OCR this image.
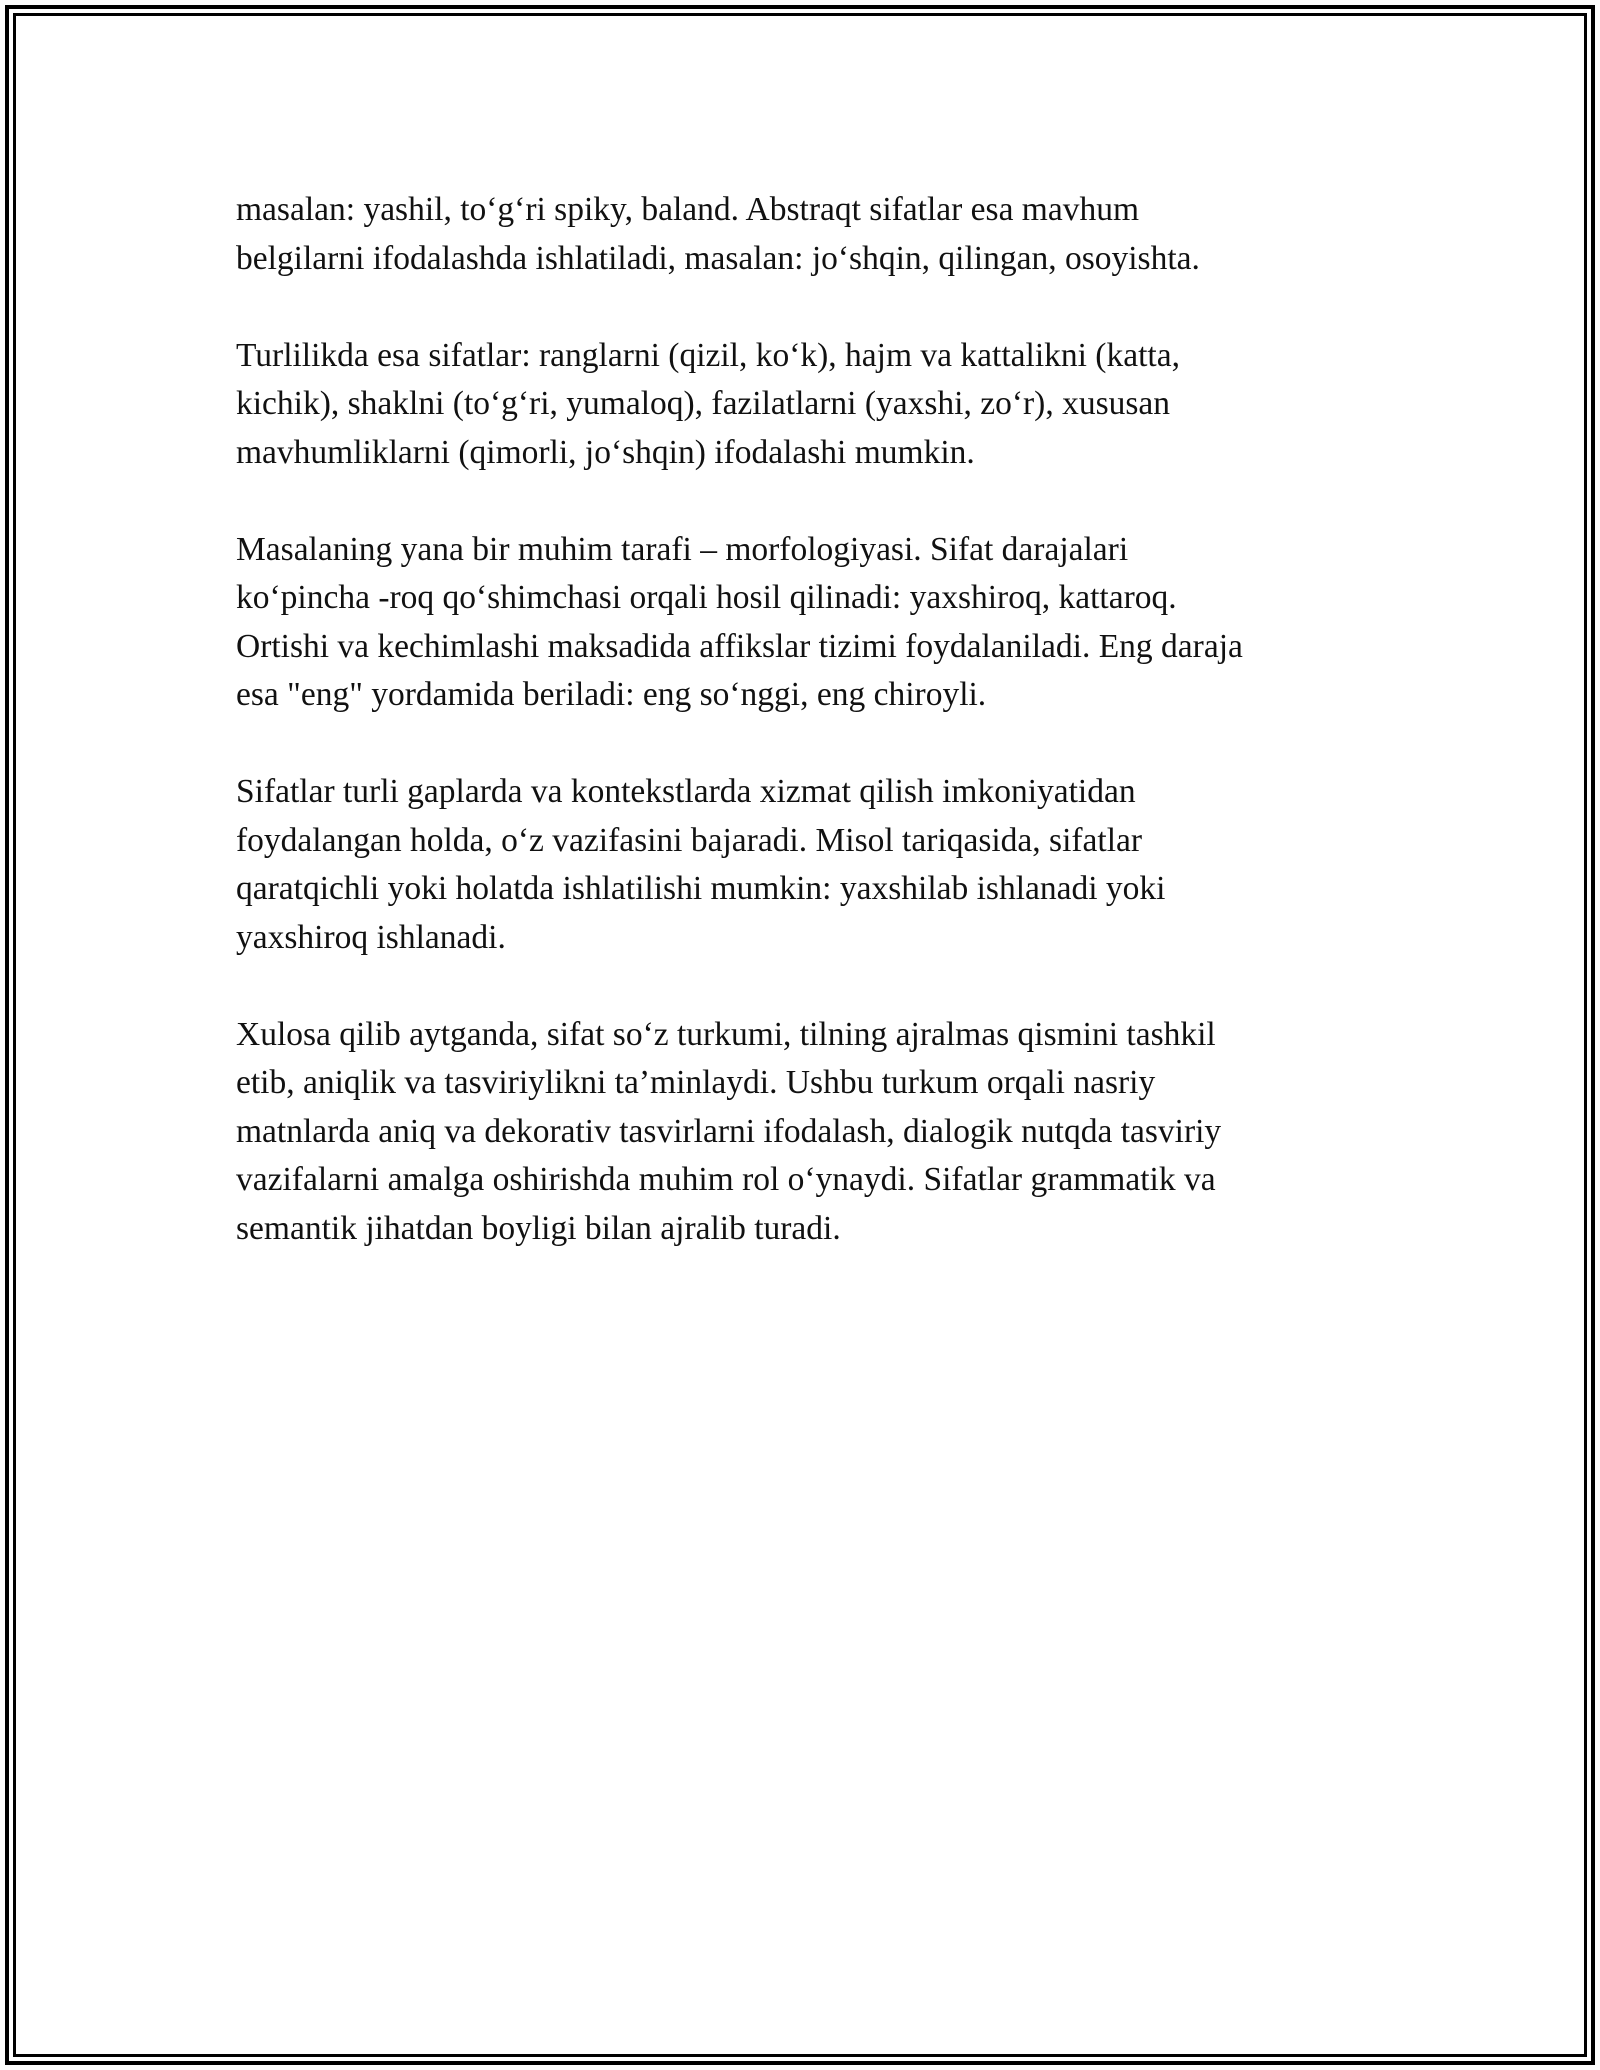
masalan: yashil, to‘g‘ri spiky, baland. Abstraqt sifatlar esa mavhum
belgilarni ifodalashda ishlatiladi, masalan: jo‘shqin, qilingan, osoyishta.

Turlilikda esa sifatlar: ranglarni (qizil, ko‘k), hajm va kattalikni (katta,
kichik), shaklni (to‘g‘ri, yumaloq), fazilatlarni (yaxshi, zo‘r), xususan
mavhumliklarni (qimorli, jo‘shqin) ifodalashi mumkin.

Masalaning yana bir muhim tarafi – morfologiyasi. Sifat darajalari
ko‘pincha -roq qo‘shimchasi orqali hosil qilinadi: yaxshiroq, kattaroq.
Ortishi va kechimlashi maksadida affikslar tizimi foydalaniladi. Eng daraja
esa "eng" yordamida beriladi: eng so‘nggi, eng chiroyli.

Sifatlar turli gaplarda va kontekstlarda xizmat qilish imkoniyatidan
foydalangan holda, o‘z vazifasini bajaradi. Misol tariqasida, sifatlar
qaratqichli yoki holatda ishlatilishi mumkin: yaxshilab ishlanadi yoki
yaxshiroq ishlanadi.

Xulosa qilib aytganda, sifat so‘z turkumi, tilning ajralmas qismini tashkil
etib, aniqlik va tasviriylikni ta’minlaydi. Ushbu turkum orqali nasriy
matnlarda aniq va dekorativ tasvirlarni ifodalash, dialogik nutqda tasviriy
vazifalarni amalga oshirishda muhim rol o‘ynaydi. Sifatlar grammatik va
semantik jihatdan boyligi bilan ajralib turadi.
